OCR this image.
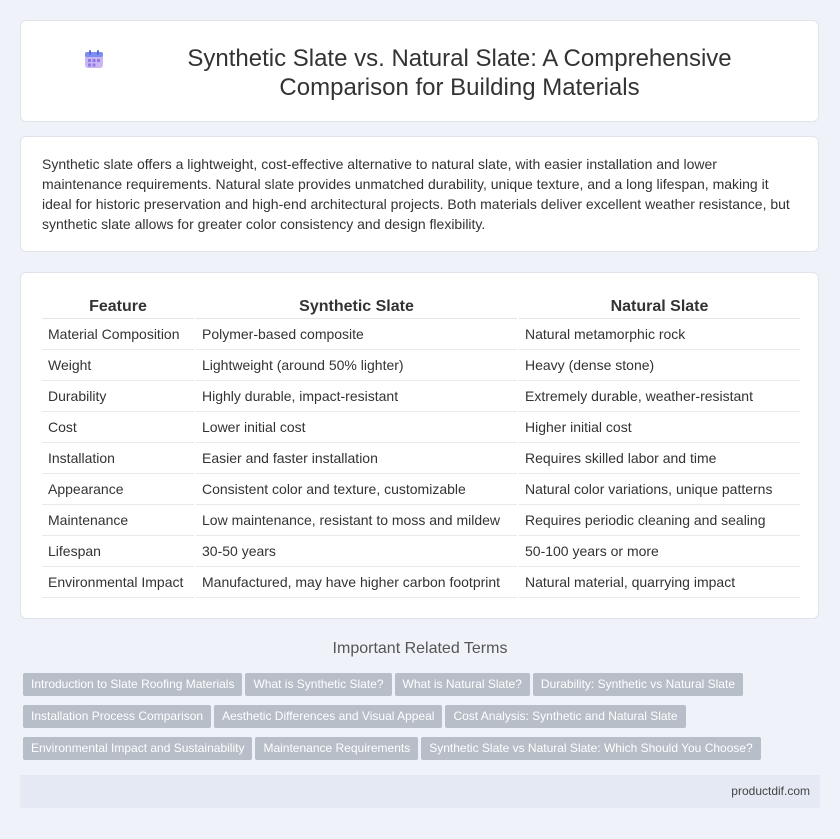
Synthetic Slate vs. Natural Slate: A Comprehensive Comparison for Building Materials

Synthetic slate offers a lightweight, cost-effective alternative to natural slate, with easier installation and lower maintenance requirements. Natural slate provides unmatched durability, unique texture, and a long lifespan, making it ideal for historic preservation and high-end architectural projects. Both materials deliver excellent weather resistance, but synthetic slate allows for greater color consistency and design flexibility.

Feature	Synthetic Slate	Natural Slate
Material Composition	Polymer-based composite	Natural metamorphic rock
Weight	Lightweight (around 50% lighter)	Heavy (dense stone)
Durability	Highly durable, impact-resistant	Extremely durable, weather-resistant
Cost	Lower initial cost	Higher initial cost
Installation	Easier and faster installation	Requires skilled labor and time
Appearance	Consistent color and texture, customizable	Natural color variations, unique patterns
Maintenance	Low maintenance, resistant to moss and mildew	Requires periodic cleaning and sealing
Lifespan	30-50 years	50-100 years or more
Environmental Impact	Manufactured, may have higher carbon footprint	Natural material, quarrying impact
Important Related Terms
Introduction to Slate Roofing Materials What is Synthetic Slate? What is Natural Slate? Durability: Synthetic vs Natural Slate
Installation Process Comparison Aesthetic Differences and Visual Appeal Cost Analysis: Synthetic and Natural Slate
Environmental Impact and Sustainability Maintenance Requirements Synthetic Slate vs Natural Slate: Which Should You Choose?
productdif.com
